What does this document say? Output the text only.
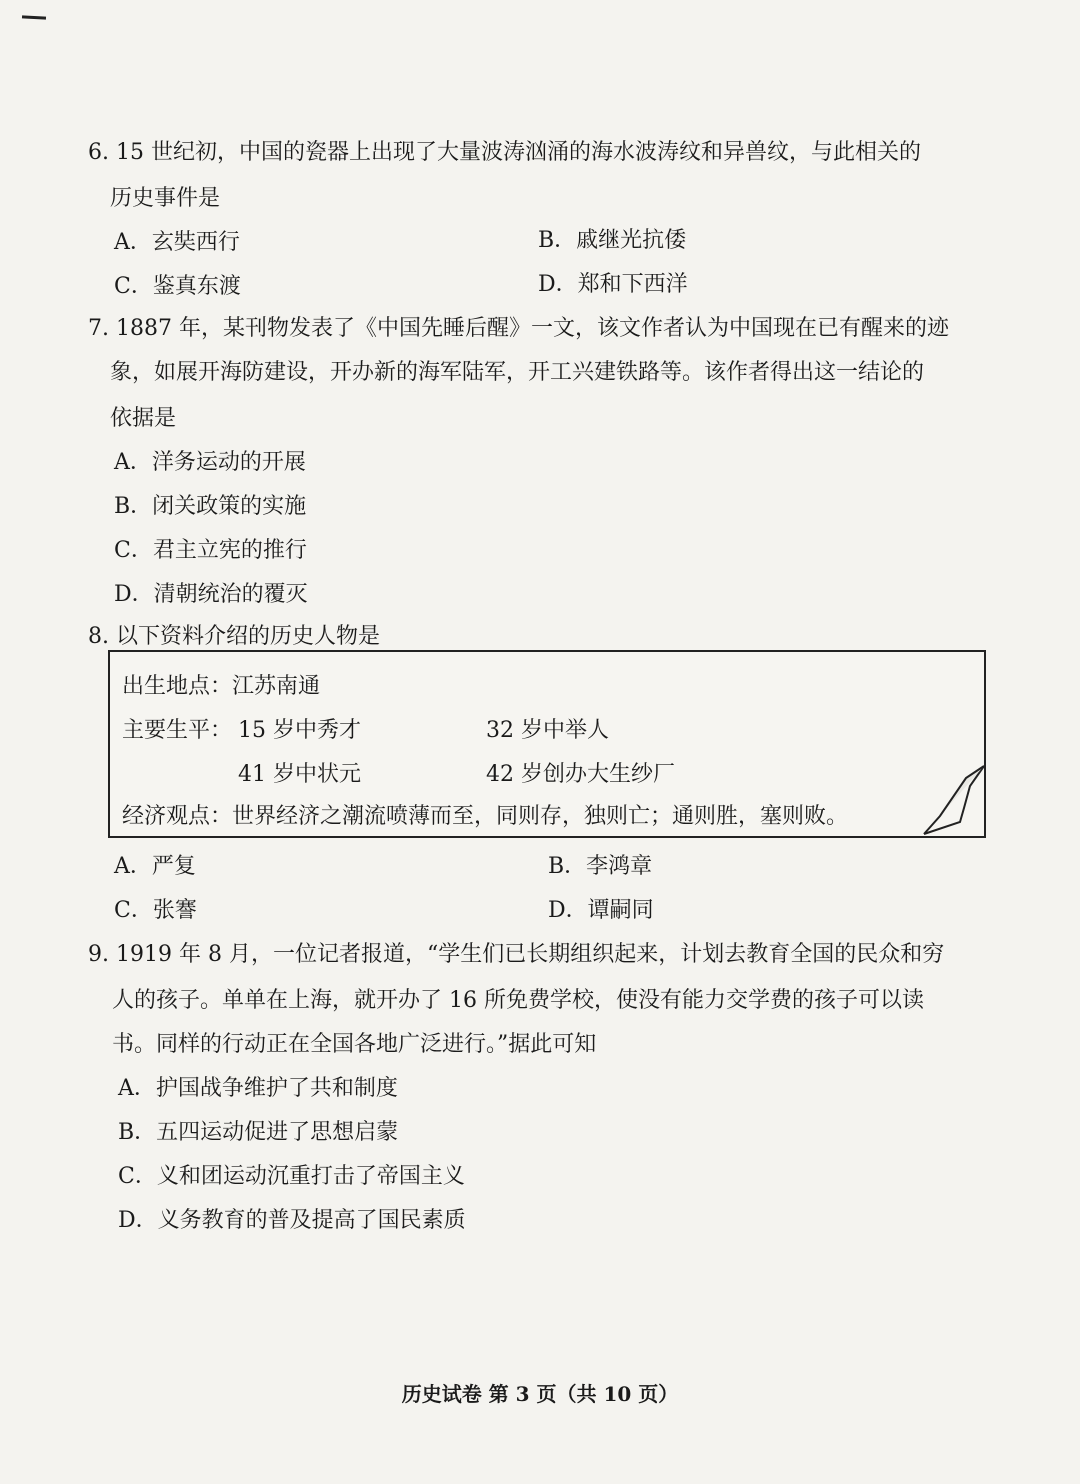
6. 15 世纪初，中国的瓷器上出现了大量波涛汹涌的海水波涛纹和异兽纹，与此相关的
历史事件是
A．玄奘西行	B．戚继光抗倭
C．鉴真东渡	D．郑和下西洋
7. 1887 年，某刊物发表了《中国先睡后醒》一文，该文作者认为中国现在已有醒来的迹
象，如展开海防建设，开办新的海军陆军，开工兴建铁路等。该作者得出这一结论的
依据是
A．洋务运动的开展
B．闭关政策的实施
C．君主立宪的推行
D．清朝统治的覆灭
8. 以下资料介绍的历史人物是
出生地点：江苏南通
主要生平： 15 岁中秀才	32 岁中举人
41 岁中状元	42 岁创办大生纱厂
经济观点：世界经济之潮流喷薄而至，同则存，独则亡；通则胜，塞则败。
A．严复	B．李鸿章
C．张謇	D．谭嗣同
9. 1919 年 8 月，一位记者报道，“学生们已长期组织起来，计划去教育全国的民众和穷
人的孩子。单单在上海，就开办了 16 所免费学校，使没有能力交学费的孩子可以读
书。同样的行动正在全国各地广泛进行。”据此可知
A．护国战争维护了共和制度
B．五四运动促进了思想启蒙
C．义和团运动沉重打击了帝国主义
D．义务教育的普及提高了国民素质
历史试卷 第 3 页（共 10 页）
